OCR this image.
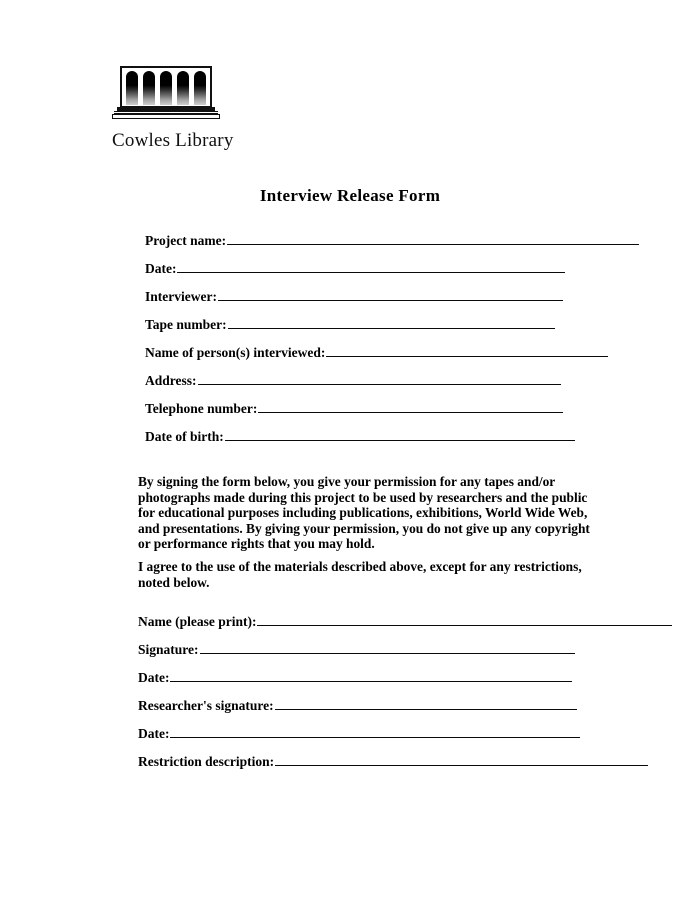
Cowles Library
Interview Release Form
Project name:
Date:
Interviewer:
Tape number:
Name of person(s) interviewed:
Address:
Telephone number:
Date of birth:
By signing the form below, you give your permission for any tapes and/or photographs made during this project to be used by researchers and the public for educational purposes including publications, exhibitions, World Wide Web, and presentations. By giving your permission, you do not give up any copyright or performance rights that you may hold.
I agree to the use of the materials described above, except for any restrictions, noted below.
Name (please print):
Signature:
Date:
Researcher's signature:
Date:
Restriction description:
